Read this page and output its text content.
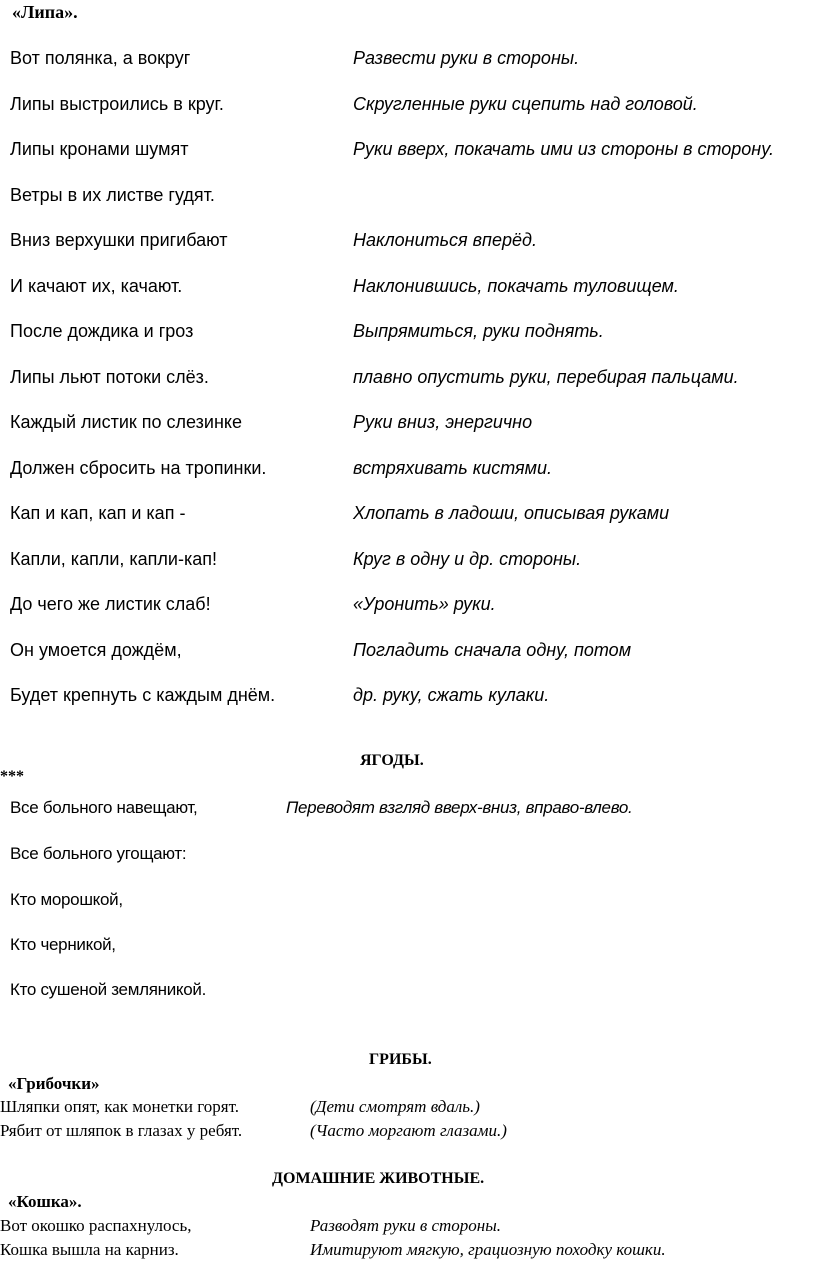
«Липа».
Вот полянка, а вокруг	Развести руки в стороны.
Липы выстроились в круг.	Скругленные руки сцепить над головой.
Липы кронами шумят	Руки вверх, покачать ими из стороны в сторону.
Ветры в их листве гудят.
Вниз верхушки пригибают	Наклониться вперёд.
И качают их, качают.	Наклонившись, покачать туловищем.
После дождика и гроз	Выпрямиться, руки поднять.
Липы льют потоки слёз.	плавно опустить руки, перебирая пальцами.
Каждый листик по слезинке	Руки вниз, энергично
Должен сбросить на тропинки.	встряхивать кистями.
Кап и кап, кап и кап -	Хлопать в ладоши, описывая руками
Капли, капли, капли-кап!	Круг в одну и др. стороны.
До чего же листик слаб!	«Уронить» руки.
Он умоется дождём,	Погладить сначала одну, потом
Будет крепнуть с каждым днём.	др. руку, сжать кулаки.
ЯГОДЫ.
***
Все больного навещают,	Переводят взгляд вверх-вниз, вправо-влево.
Все больного угощают:
Кто морошкой,
Кто черникой,
Кто сушеной земляникой.
ГРИБЫ.
«Грибочки»
Шляпки опят, как монетки горят.	(Дети смотрят вдаль.)
Рябит от шляпок в глазах у ребят.	(Часто моргают глазами.)
ДОМАШНИЕ ЖИВОТНЫЕ.
«Кошка».
Вот окошко распахнулось,	Разводят руки в стороны.
Кошка вышла на карниз.	Имитируют мягкую, грациозную походку кошки.
